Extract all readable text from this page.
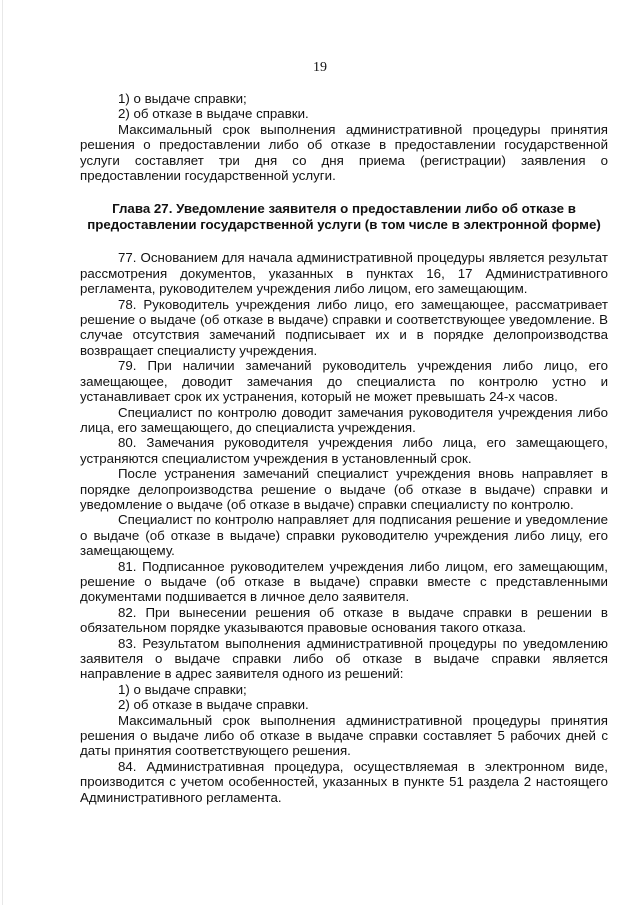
19

1) о выдаче справки;

2) об отказе в выдаче справки.

Максимальный срок выполнения административной процедуры принятия решения о предоставлении либо об отказе в предоставлении государственной услуги составляет три дня со дня приема (регистрации) заявления о предоставлении государственной услуги.

Глава 27. Уведомление заявителя о предоставлении либо об отказе в предоставлении государственной услуги (в том числе в электронной форме)

77. Основанием для начала административной процедуры является результат рассмотрения документов, указанных в пунктах 16, 17 Административного регламента, руководителем учреждения либо лицом, его замещающим.

78. Руководитель учреждения либо лицо, его замещающее, рассматривает решение о выдаче (об отказе в выдаче) справки и соответствующее уведомление. В случае отсутствия замечаний подписывает их и в порядке делопроизводства возвращает специалисту учреждения.

79. При наличии замечаний руководитель учреждения либо лицо, его замещающее, доводит замечания до специалиста по контролю устно и устанавливает срок их устранения, который не может превышать 24-х часов.

Специалист по контролю доводит замечания руководителя учреждения либо лица, его замещающего, до специалиста учреждения.

80. Замечания руководителя учреждения либо лица, его замещающего, устраняются специалистом учреждения в установленный срок.

После устранения замечаний специалист учреждения вновь направляет в порядке делопроизводства решение о выдаче (об отказе в выдаче) справки и уведомление о выдаче (об отказе в выдаче) справки специалисту по контролю.

Специалист по контролю направляет для подписания решение и уведомление о выдаче (об отказе в выдаче) справки руководителю учреждения либо лицу, его замещающему.

81. Подписанное руководителем учреждения либо лицом, его замещающим, решение о выдаче (об отказе в выдаче) справки вместе с представленными документами подшивается в личное дело заявителя.

82. При вынесении решения об отказе в выдаче справки в решении в обязательном порядке указываются правовые основания такого отказа.

83. Результатом выполнения административной процедуры по уведомлению заявителя о выдаче справки либо об отказе в выдаче справки является направление в адрес заявителя одного из решений:

1) о выдаче справки;

2) об отказе в выдаче справки.

Максимальный срок выполнения административной процедуры принятия решения о выдаче либо об отказе в выдаче справки составляет 5 рабочих дней с даты принятия соответствующего решения.

84. Административная процедура, осуществляемая в электронном виде, производится с учетом особенностей, указанных в пункте 51 раздела 2 настоящего Административного регламента.
